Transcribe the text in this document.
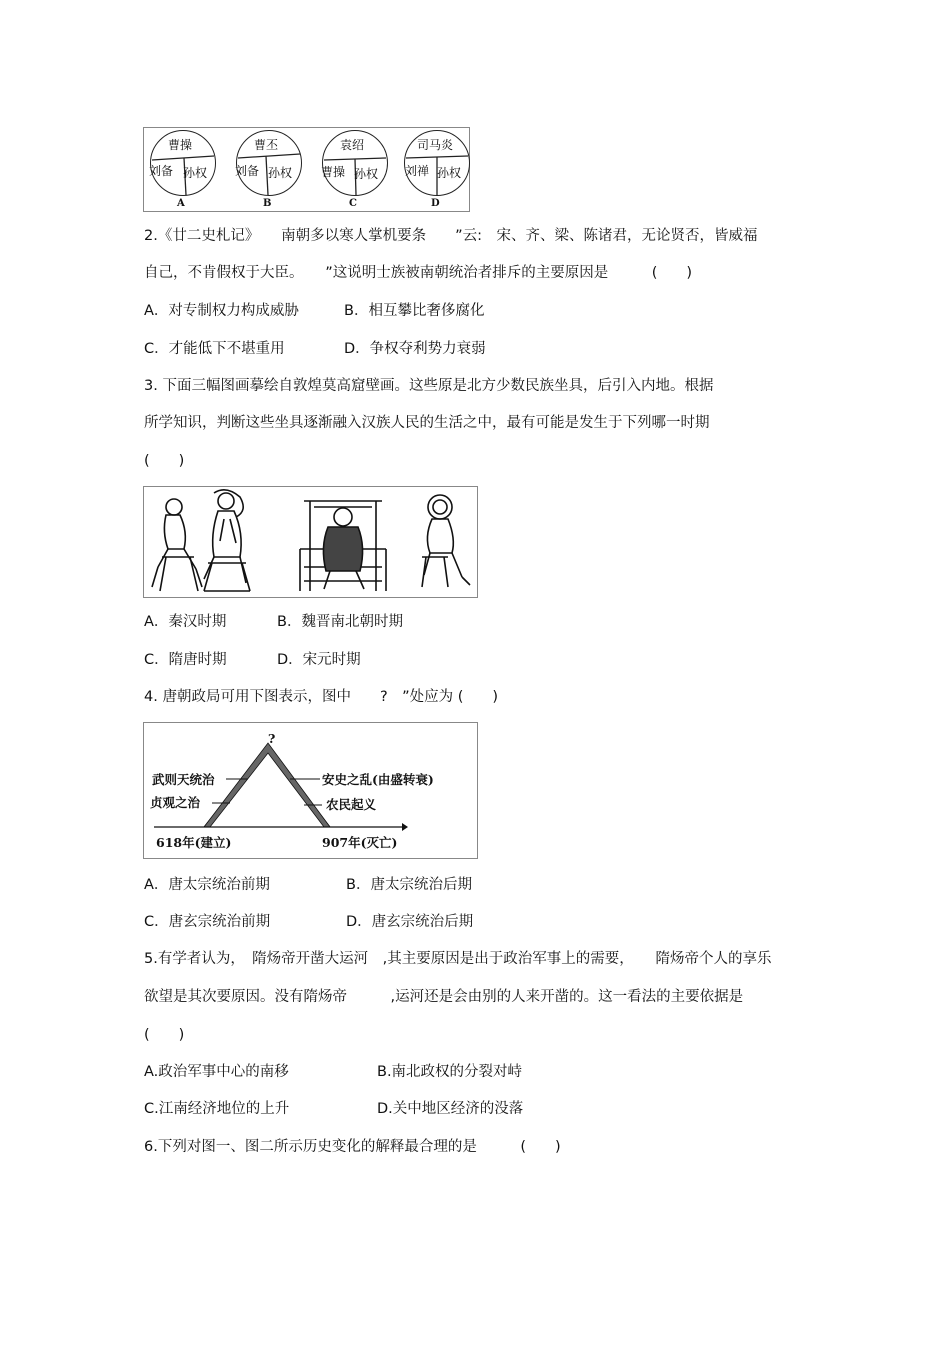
曹操
刘备 孙权
A
曹丕
刘备 孙权
B
袁绍
曹操 孙权
C
司马炎
刘禅 孙权
D
2.《廿二史札记》　　南朝多以寒人掌机要条　　”云:　宋、齐、梁、陈诸君，无论贤否，皆威福
自己，不肯假权于大臣。　　”这说明士族被南朝统治者排斥的主要原因是　　　(　　)
A．对专制权力构成威胁	B．相互攀比奢侈腐化
C．才能低下不堪重用	D．争权夺利势力衰弱
3. 下面三幅图画摹绘自敦煌莫高窟壁画。这些原是北方少数民族坐具，后引入内地。根据
所学知识，判断这些坐具逐渐融入汉族人民的生活之中，最有可能是发生于下列哪一时期
(　　)
A．秦汉时期	B．魏晋南北朝时期
C．隋唐时期	D．宋元时期
4. 唐朝政局可用下图表示，图中　　?　”处应为 (　　)
?
武则天统治
贞观之治
安史之乱(由盛转衰)
农民起义
618年(建立)	907年(灭亡)
A．唐太宗统治前期	B．唐太宗统治后期
C．唐玄宗统治前期	D．唐玄宗统治后期
5.有学者认为，　隋炀帝开凿大运河　,其主要原因是出于政治军事上的需要，　　隋炀帝个人的享乐
欲望是其次要原因。没有隋炀帝　　　,运河还是会由别的人来开凿的。这一看法的主要依据是
(　　)
A.政治军事中心的南移	B.南北政权的分裂对峙
C.江南经济地位的上升	D.关中地区经济的没落
6.下列对图一、图二所示历史变化的解释最合理的是　　　(　　)
